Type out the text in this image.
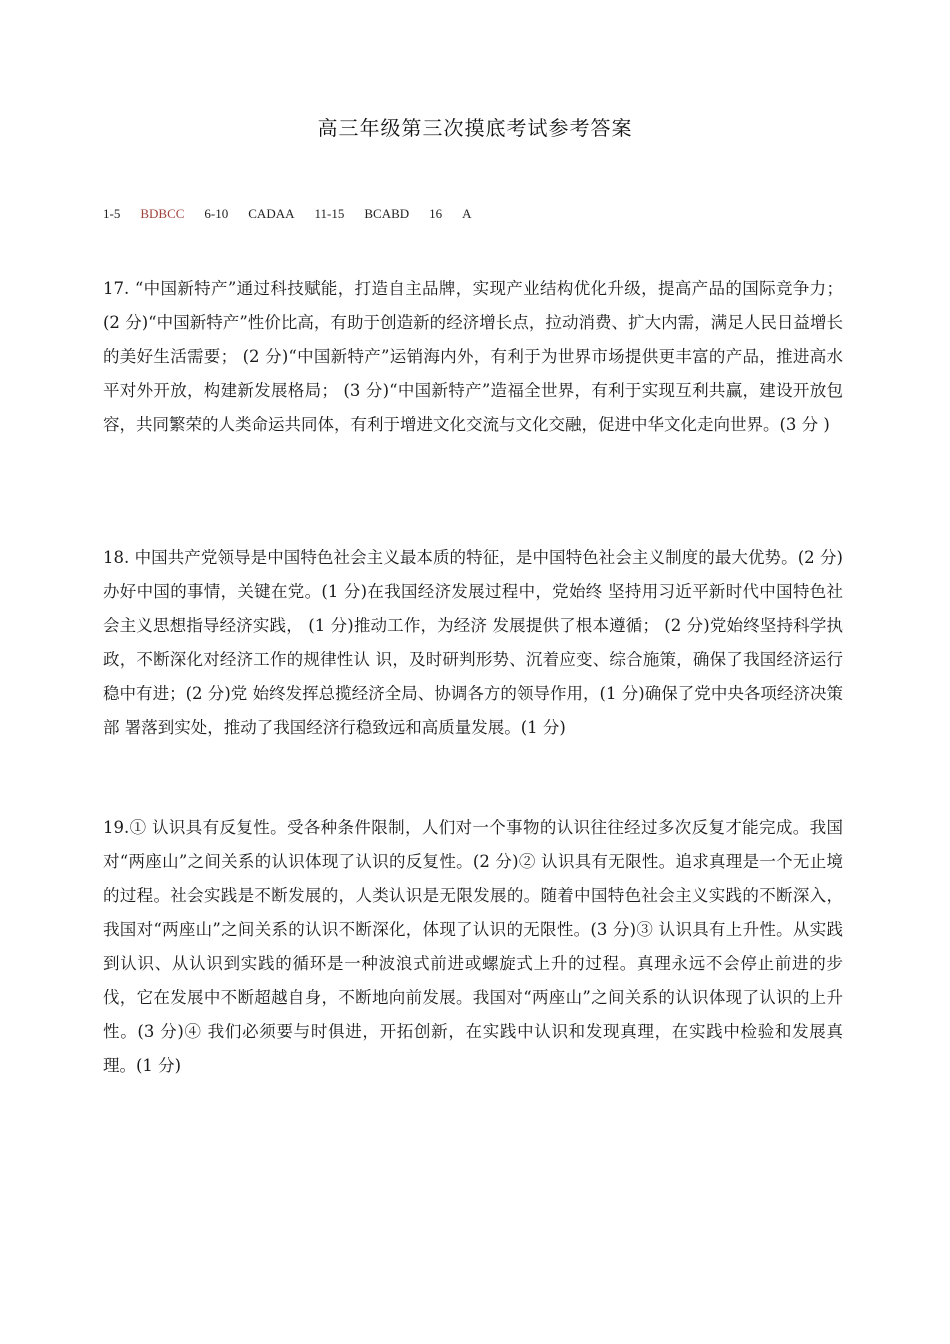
高三年级第三次摸底考试参考答案
1-5 BDBCC 6-10 CADAA 11-15 BCABD 16 A

17. “中国新特产”通过科技赋能，打造自主品牌，实现产业结构优化升级，提高产品的国际竞争力；(2 分)“中国新特产”性价比高，有助于创造新的经济增长点，拉动消费、扩大内需，满足人民日益增长的美好生活需要； (2 分)“中国新特产”运销海内外，有利于为世界市场提供更丰富的产品，推进高水平对外开放，构建新发展格局； (3 分)“中国新特产”造福全世界，有利于实现互利共赢，建设开放包容，共同繁荣的人类命运共同体，有利于增进文化交流与文化交融，促进中华文化走向世界。(3 分 )

18. 中国共产党领导是中国特色社会主义最本质的特征，是中国特色社会主义制度的最大优势。(2 分)办好中国的事情，关键在党。(1 分)在我国经济发展过程中，党始终 坚持用习近平新时代中国特色社会主义思想指导经济实践， (1 分)推动工作，为经济 发展提供了根本遵循； (2 分)党始终坚持科学执政，不断深化对经济工作的规律性认 识，及时研判形势、沉着应变、综合施策，确保了我国经济运行稳中有进；(2 分)党 始终发挥总揽经济全局、协调各方的领导作用，(1 分)确保了党中央各项经济决策部 署落到实处，推动了我国经济行稳致远和高质量发展。(1 分)

19.① 认识具有反复性。受各种条件限制，人们对一个事物的认识往往经过多次反复才能完成。我国对“两座山”之间关系的认识体现了认识的反复性。(2 分)② 认识具有无限性。追求真理是一个无止境的过程。社会实践是不断发展的，人类认识是无限发展的。随着中国特色社会主义实践的不断深入，我国对“两座山”之间关系的认识不断深化，体现了认识的无限性。(3 分)③ 认识具有上升性。从实践到认识、从认识到实践的循环是一种波浪式前进或螺旋式上升的过程。真理永远不会停止前进的步伐，它在发展中不断超越自身，不断地向前发展。我国对“两座山”之间关系的认识体现了认识的上升性。(3 分)④ 我们必须要与时俱进，开拓创新，在实践中认识和发现真理，在实践中检验和发展真理。(1 分)
